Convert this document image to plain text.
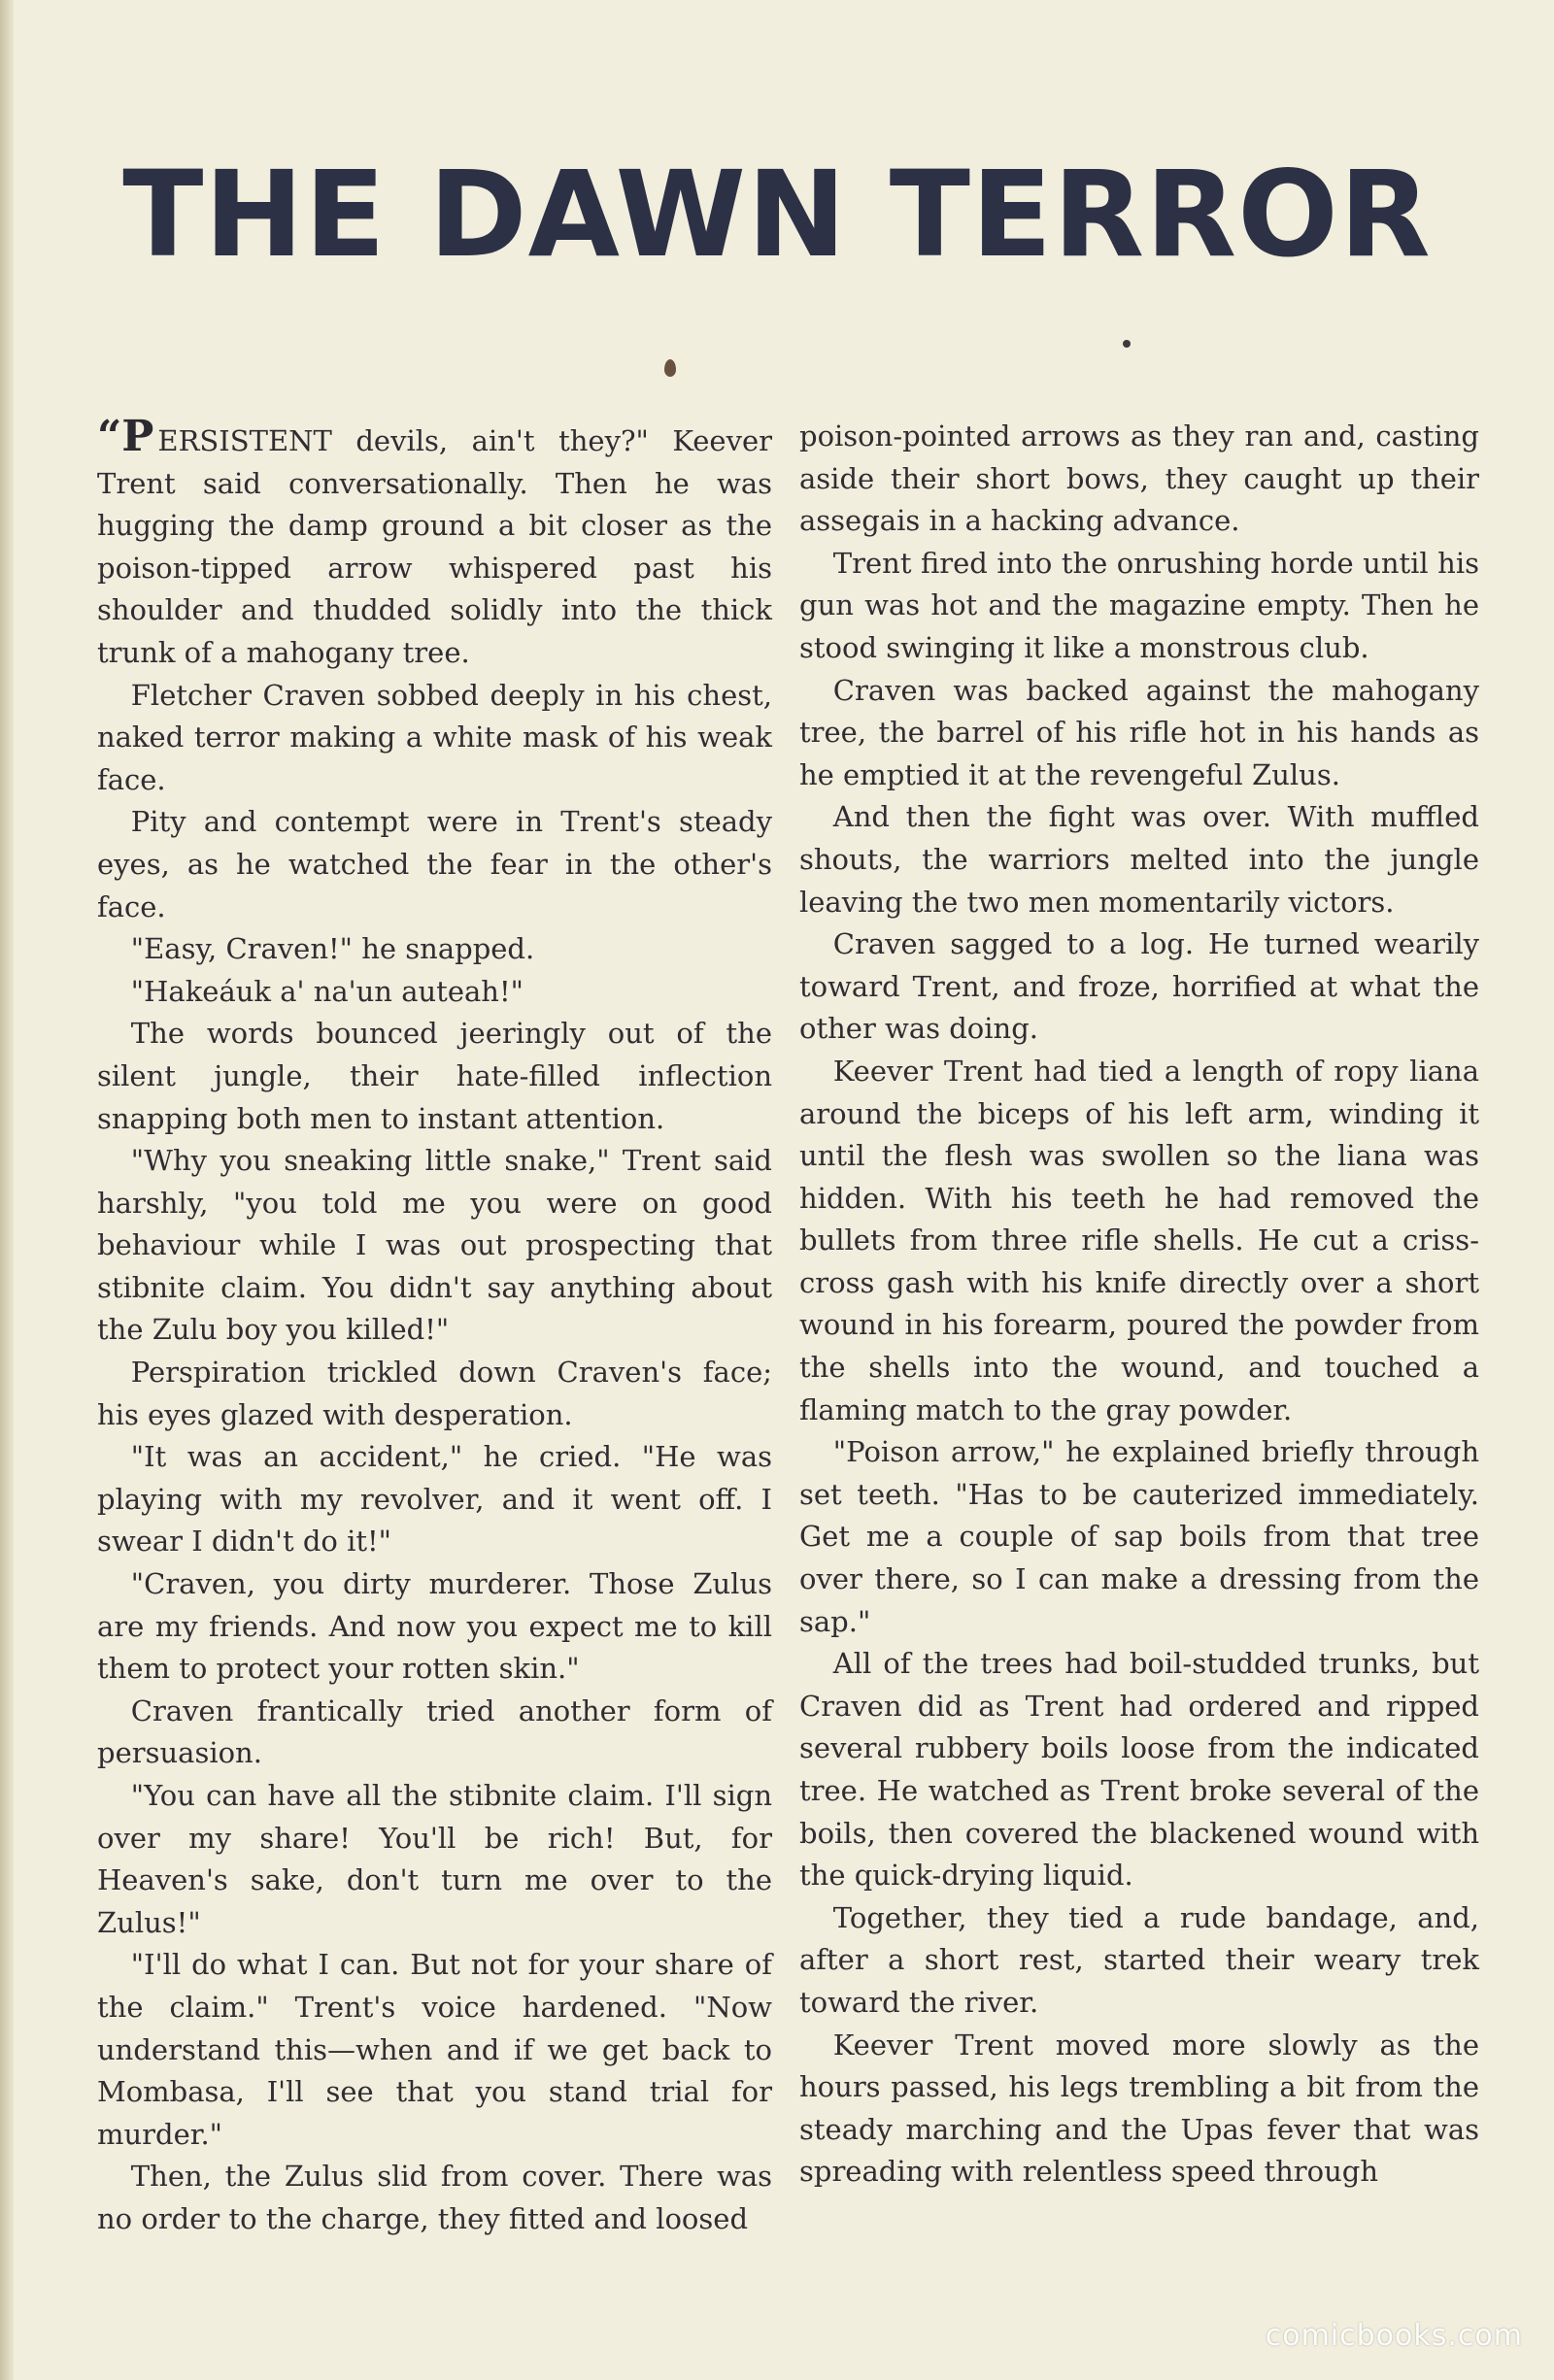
THE DAWN TERROR

“PERSISTENT devils, ain't they?" Keever Trent said conversationally. Then he was hugging the damp ground a bit closer as the poison-tipped arrow whispered past his shoulder and thudded solidly into the thick trunk of a mahogany tree.

Fletcher Craven sobbed deeply in his chest, naked terror making a white mask of his weak face.

Pity and contempt were in Trent's steady eyes, as he watched the fear in the other's face.

"Easy, Craven!" he snapped.

"Hakeáuk a' na'un auteah!"

The words bounced jeeringly out of the silent jungle, their hate-filled inflection snapping both men to instant attention.

"Why you sneaking little snake," Trent said harshly, "you told me you were on good behaviour while I was out prospecting that stibnite claim. You didn't say anything about the Zulu boy you killed!"

Perspiration trickled down Craven's face; his eyes glazed with desperation.

"It was an accident," he cried. "He was playing with my revolver, and it went off. I swear I didn't do it!"

"Craven, you dirty murderer. Those Zulus are my friends. And now you expect me to kill them to protect your rotten skin."

Craven frantically tried another form of persuasion.

"You can have all the stibnite claim. I'll sign over my share! You'll be rich! But, for Heaven's sake, don't turn me over to the Zulus!"

"I'll do what I can. But not for your share of the claim." Trent's voice hardened. "Now understand this—when and if we get back to Mombasa, I'll see that you stand trial for murder."

Then, the Zulus slid from cover. There was no order to the charge, they fitted and loosed

poison-pointed arrows as they ran and, casting aside their short bows, they caught up their assegais in a hacking advance.

Trent fired into the onrushing horde until his gun was hot and the magazine empty. Then he stood swinging it like a monstrous club.

Craven was backed against the mahogany tree, the barrel of his rifle hot in his hands as he emptied it at the revengeful Zulus.

And then the fight was over. With muffled shouts, the warriors melted into the jungle leaving the two men momentarily victors.

Craven sagged to a log. He turned wearily toward Trent, and froze, horrified at what the other was doing.

Keever Trent had tied a length of ropy liana around the biceps of his left arm, winding it until the flesh was swollen so the liana was hidden. With his teeth he had removed the bullets from three rifle shells. He cut a criss-cross gash with his knife directly over a short wound in his forearm, poured the powder from the shells into the wound, and touched a flaming match to the gray powder.

"Poison arrow," he explained briefly through set teeth. "Has to be cauterized immediately. Get me a couple of sap boils from that tree over there, so I can make a dressing from the sap."

All of the trees had boil-studded trunks, but Craven did as Trent had ordered and ripped several rubbery boils loose from the indicated tree. He watched as Trent broke several of the boils, then covered the blackened wound with the quick-drying liquid.

Together, they tied a rude bandage, and, after a short rest, started their weary trek toward the river.

Keever Trent moved more slowly as the hours passed, his legs trembling a bit from the steady marching and the Upas fever that was spreading with relentless speed through

comicbooks.com
